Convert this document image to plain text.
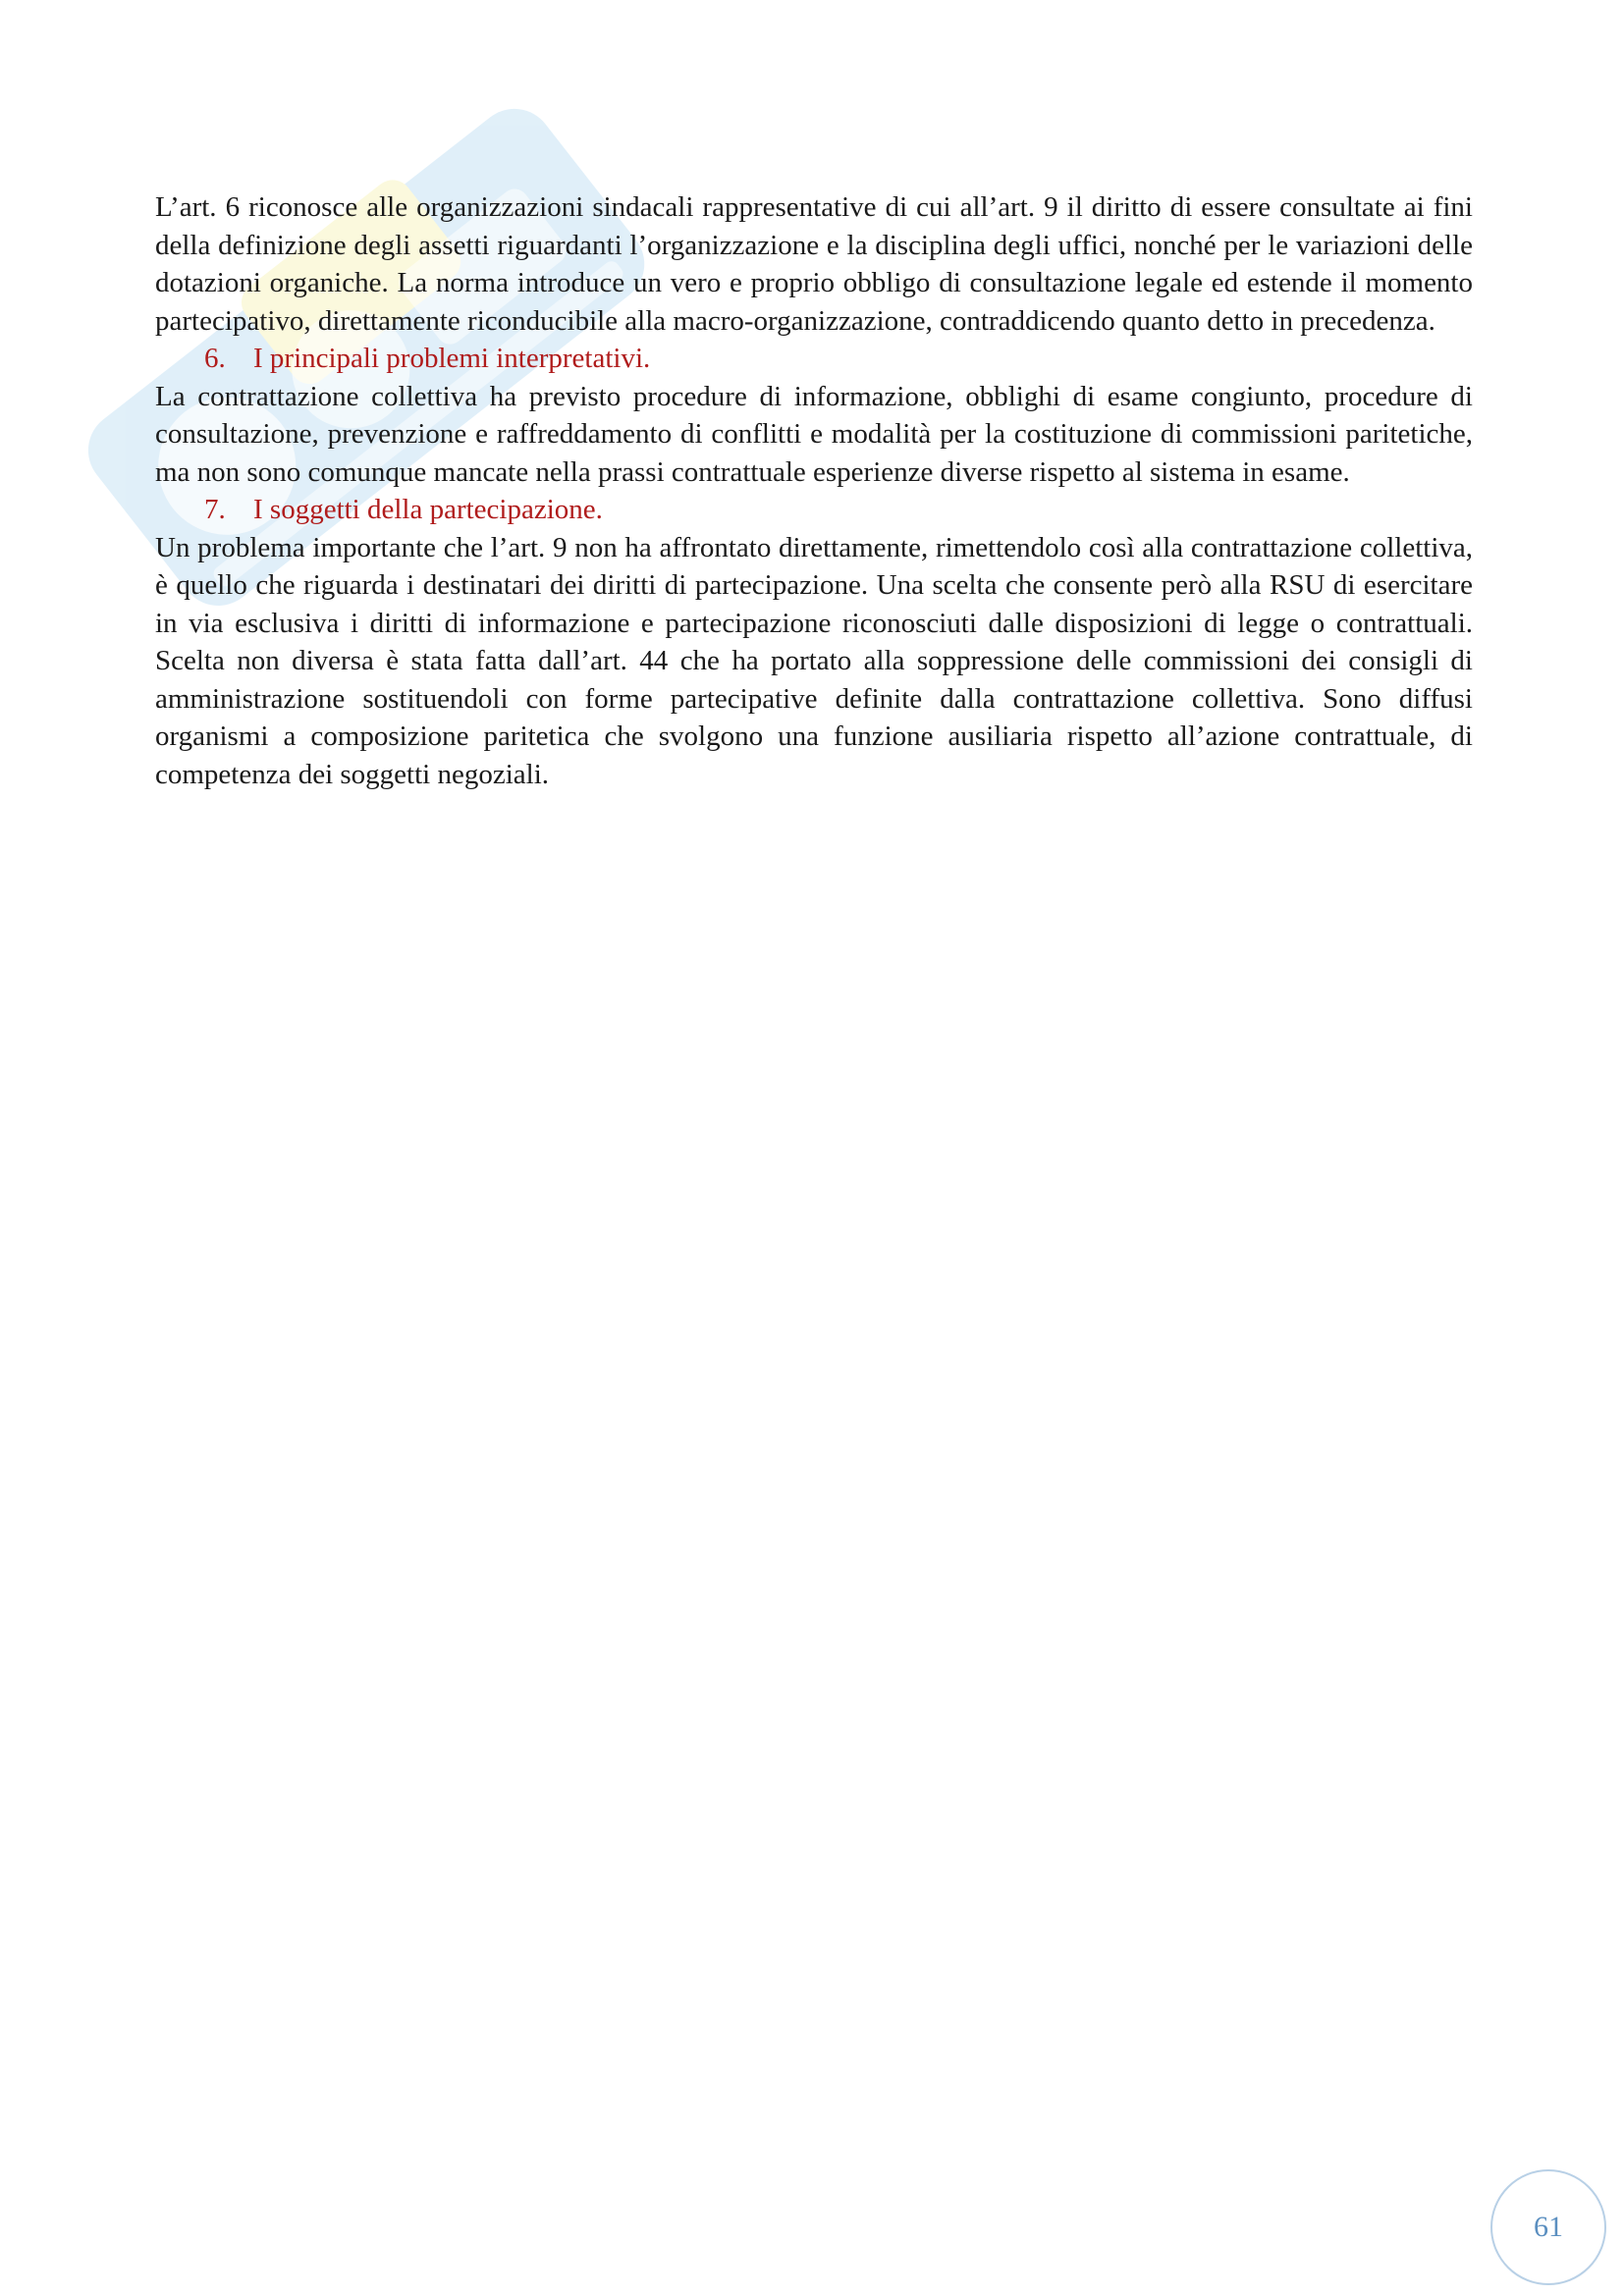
L’art. 6 riconosce alle organizzazioni sindacali rappresentative di cui all’art. 9 il diritto di essere consultate ai fini della definizione degli assetti riguardanti l’organizzazione e la disciplina degli uffici, nonché per le variazioni delle dotazioni organiche. La norma introduce un vero e proprio obbligo di consultazione legale ed estende il momento partecipativo, direttamente riconducibile alla macro-organizzazione, contraddicendo quanto detto in precedenza.

6. I principali problemi interpretativi.

La contrattazione collettiva ha previsto procedure di informazione, obblighi di esame congiunto, procedure di consultazione, prevenzione e raffreddamento di conflitti e modalità per la costituzione di commissioni paritetiche, ma non sono comunque mancate nella prassi contrattuale esperienze diverse rispetto al sistema in esame.

7. I soggetti della partecipazione.

Un problema importante che l’art. 9 non ha affrontato direttamente, rimettendolo così alla contrattazione collettiva, è quello che riguarda i destinatari dei diritti di partecipazione. Una scelta che consente però alla RSU di esercitare in via esclusiva i diritti di informazione e partecipazione riconosciuti dalle disposizioni di legge o contrattuali. Scelta non diversa è stata fatta dall’art. 44 che ha portato alla soppressione delle commissioni dei consigli di amministrazione sostituendoli con forme partecipative definite dalla contrattazione collettiva. Sono diffusi organismi a composizione paritetica che svolgono una funzione ausiliaria rispetto all’azione contrattuale, di competenza dei soggetti negoziali.

61
